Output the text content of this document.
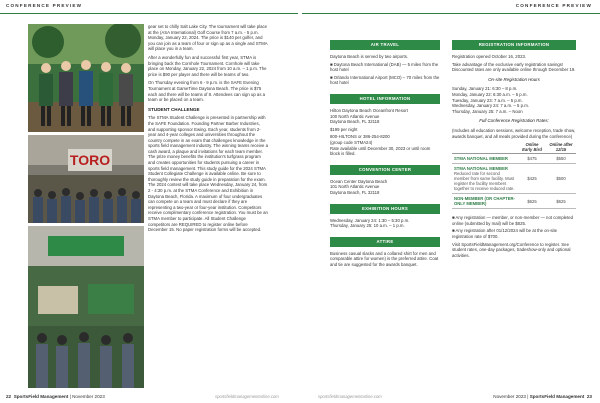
CONFERENCE PREVIEW	CONFERENCE PREVIEW
TORO

gear set to chilly Salt Lake City. The tournament will take place at the (ASA International) Golf Course from 7 a.m. - 5 p.m. Monday, January 22, 2024. The price is $140 per golfer, and you can join as a team of four or sign up as a single and STMA will place you in a team.

After a wonderfully fun and successful first year, STMA is bringing back the Cornhole Tournament. Cornhole will take place on Monday, January 22, 2024 from 10 a.m. – 1 p.m. The price is $90 per player and there will be teams of two.

On Thursday evening from 6 - 9 p.m. is the SAFE Evening Tournament at GameTime Daytona Beach. The price is $75 each and there will be teams of 8. Attendees can sign up as a team or be placed on a team.

STUDENT CHALLENGE

The STMA Student Challenge is presented in partnership with the SAFE Foundation. Founding Partner Barber Industries, and supporting sponsor Ewing. Each year, students from 2-year and 4-year colleges and universities throughout the country compete in an exam that challenges knowledge in the sports field management industry. The winning teams receive a cash award, a plaque and invitations for each team member. The prize money benefits the institution's turfgrass program and creates opportunities for students pursuing a career in sports field management. This study guide for the 2024 STMA Student Collegiate Challenge is available online. Be sure to thoroughly review the study guide in preparation for the exam. The 2024 contest will take place Wednesday, January 24, from 2 - 4:30 p.m. at the STMA Conference and Exhibition in Daytona Beach, Florida. A maximum of four undergraduates can compete on a team and must declare if they are representing a two-year or four-year institution. Competitors receive complimentary conference registration. You must be an STMA member to participate. All Student Challenge competitors are REQUIRED to register online before December 15. No paper registration forms will be accepted.

AIR TRAVEL

Daytona Beach is served by two airports.

■ Daytona Beach International (DAB) — 5 miles from the host hotel

■ Orlando International Airport (MCO) – 70 miles from the host hotel

HOTEL INFORMATION

Hilton Daytona Beach Oceanfront Resort

100 North Atlantic Avenue

Daytona Beach, FL 32118

$199 per night

800-HILTONS or 386-254-8200

(group code STMA24)

Rate available until December 30, 2023 or until room block is filled.

CONVENTION CENTER

Ocean Center Daytona Beach

101 North Atlantic Avenue

Daytona Beach, FL 32118

EXHIBITION HOURS

Wednesday, January 24: 1:30 – 5:30 p.m.

Thursday, January 25: 10 a.m. – 1 p.m.

ATTIRE

Business casual slacks and a collared shirt for men and comparable attire for women) is the preferred attire. Coat and tie are suggested for the awards banquet.

REGISTRATION INFORMATION

Registration opened October 16, 2023.

Take advantage of the exclusive early registration savings! Discounted rates are only available online through December 19.

On-site Registration Hours

Sunday, January 21: 6:30 – 8 p.m.

Monday, January 22: 6:30 a.m. – 5 p.m.

Tuesday, January 23: 7 a.m. – 5 p.m.

Wednesday, January 24: 7 a.m. – 5 p.m.

Thursday, January 25: 7 a.m. – Noon

Full Conference Registration Rates:

(Includes all education sessions, welcome reception, trade show, awards banquet, and all meals provided during the conference)

	Online Early Bird	Online after 12/15
STMA NATIONAL MEMBER	$475	$550
STMA NATIONAL MEMBER
Reduced rate for second member from same facility. Must register the facility members together to receive reduced rate.	$425	$500
NON-MEMBER (OR CHAPTER-ONLY MEMBER)	$625	$625

■ Any registration — member, or non-member — not completed online (submitted by mail) will be $825.

■ Any registration after 01/12/2024 will be at the on-site registration rate of $700.

Visit SportsFieldManagement.org/Conference to register. See student rates, one-day packages, tradeshow-only and optional activities.

22 SportsField Management | November 2023	sportsfieldmanagementonline.com	sportsfieldmanagementonline.com	November 2023 | SportsField Management 23
